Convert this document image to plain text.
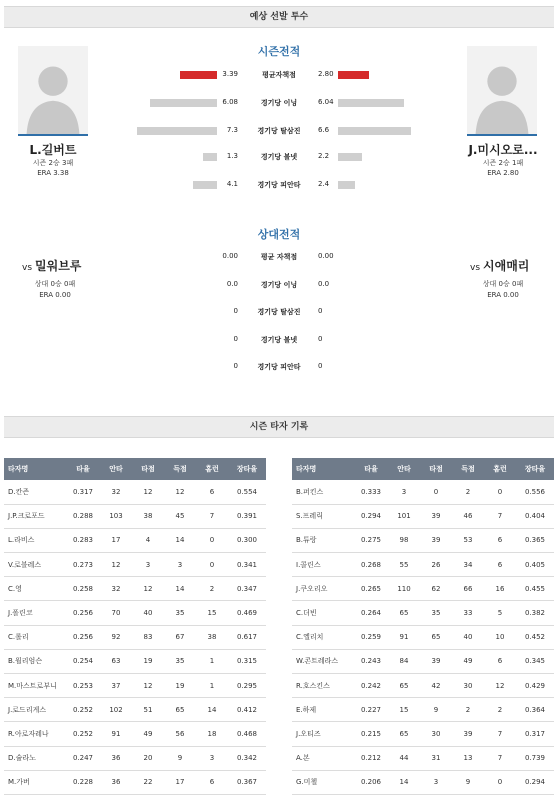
예상 선발 투수
시즌전적
L.길버트
시즌 2승 3패
ERA 3.38
J.미시오로...
시즌 2승 1패
ERA 2.80
3.39	평균자책점	2.80
6.08	경기당 이닝	6.04
7.3	경기당 탈삼진	6.6
1.3	경기당 볼넷	2.2
4.1	경기당 피안타	2.4
상대전적
vs 밀워브루
상대 0승 0패
ERA 0.00
vs 시애매리
상대 0승 0패
ERA 0.00
0.00	평균 자책점	0.00
0.0	경기당 이닝	0.0
0	경기당 탈삼진	0
0	경기당 볼넷	0
0	경기당 피안타	0
시즌 타자 기록
타자명	타율	안타	타점	득점	홈런	장타율
D.칸즌	0.317	32	12	12	6	0.554
J.P.크로포드	0.288	103	38	45	7	0.391
L.라비스	0.283	17	4	14	0	0.300
V.로블레스	0.273	12	3	3	0	0.341
C.영	0.258	32	12	14	2	0.347
J.폴린코	0.256	70	40	35	15	0.469
C.롤리	0.256	92	83	67	38	0.617
B.윌리엄슨	0.254	63	19	35	1	0.315
M.마스트로부니	0.253	37	12	19	1	0.295
J.로드리게스	0.252	102	51	65	14	0.412
R.아로자레나	0.252	91	49	56	18	0.468
D.슐라노	0.247	36	20	9	3	0.342
M.가버	0.228	36	22	17	6	0.367
타자명	타율	안타	타점	득점	홈런	장타율
B.퍼킨스	0.333	3	0	2	0	0.556
S.프레릭	0.294	101	39	46	7	0.404
B.튜랑	0.275	98	39	53	6	0.365
I.콜린스	0.268	55	26	34	6	0.405
J.쿠오리오	0.265	110	62	66	16	0.455
C.더빈	0.264	65	35	33	5	0.382
C.옐리치	0.259	91	65	40	10	0.452
W.콘트레라스	0.243	84	39	49	6	0.345
R.호스킨스	0.242	65	42	30	12	0.429
E.하제	0.227	15	9	2	2	0.364
J.오티즈	0.215	65	30	39	7	0.317
A.본	0.212	44	31	13	7	0.739
G.미첼	0.206	14	3	9	0	0.294
